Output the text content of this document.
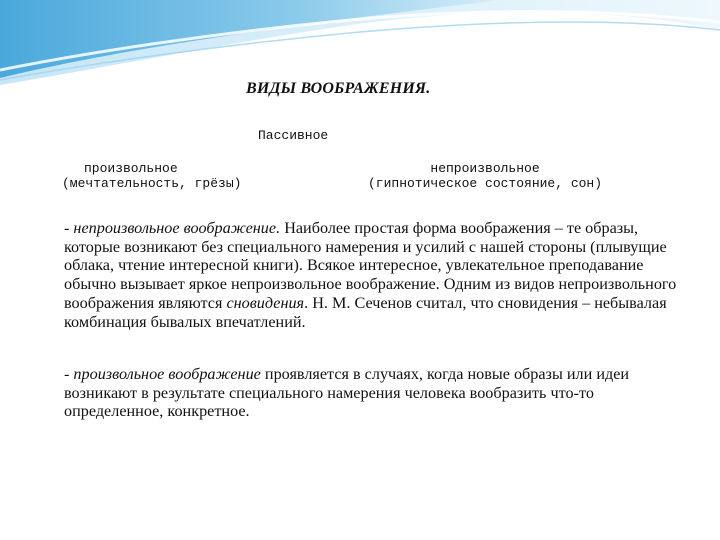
ВИДЫ ВООБРАЖЕНИЯ.
Пассивное
произвольное
(мечтательность, грёзы)
непроизвольное
(гипнотическое состояние, сон)
- непроизвольное воображение. Наиболее простая форма воображения – те образы, которые возникают без специального намерения и усилий с нашей стороны (плывущие облака, чтение интересной книги). Всякое интересное, увлекательное преподавание обычно вызывает яркое непроизвольное воображение. Одним из видов непроизвольного воображения являются сновидения. Н. М. Сеченов считал, что сновидения – небывалая комбинация бывалых впечатлений.
- произвольное воображение проявляется в случаях, когда новые образы или идеи возникают в результате специального намерения человека вообразить что-то определенное, конкретное.
